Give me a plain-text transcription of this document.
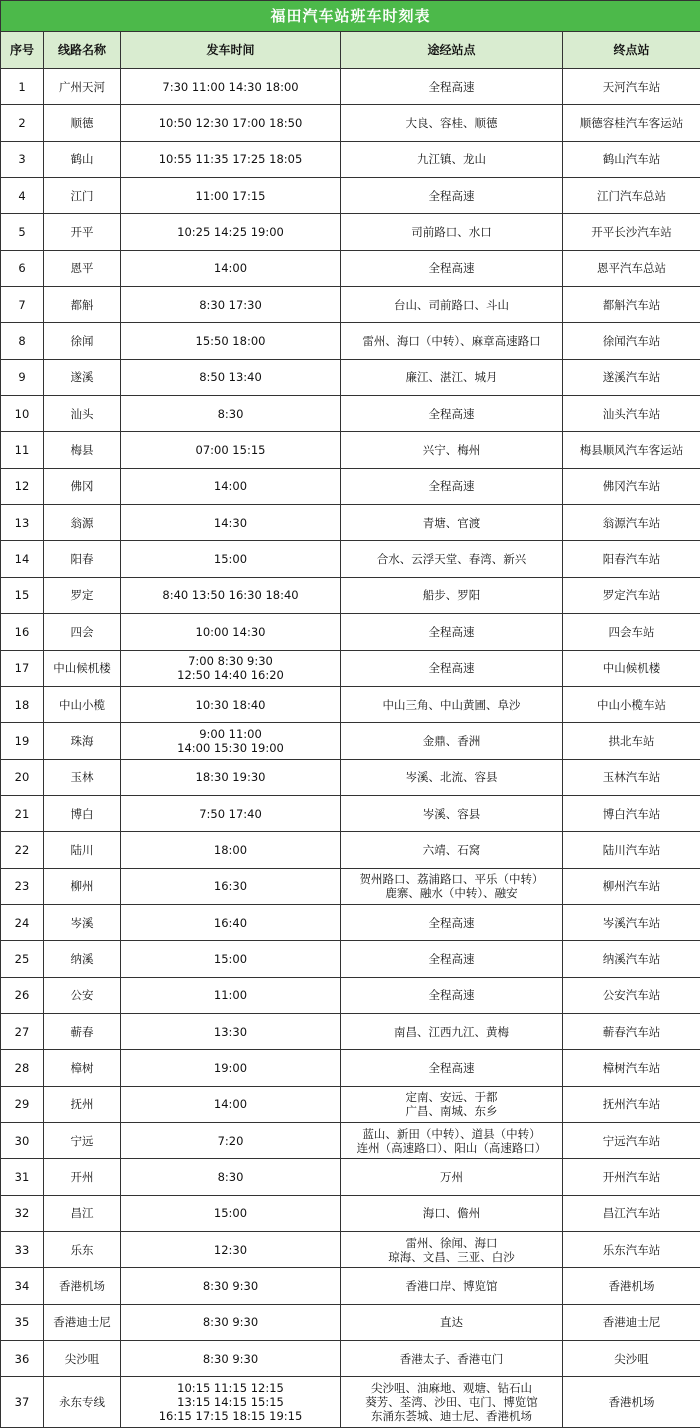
福田汽车站班车时刻表				
序号	线路名称	发车时间	途经站点	终点站
1	广州天河	7:30 11:00 14:30 18:00	全程高速	天河汽车站
2	顺德	10:50 12:30 17:00 18:50	大良、容桂、顺德	顺德容桂汽车客运站
3	鹤山	10:55 11:35 17:25 18:05	九江镇、龙山	鹤山汽车站
4	江门	11:00 17:15	全程高速	江门汽车总站
5	开平	10:25 14:25 19:00	司前路口、水口	开平长沙汽车站
6	恩平	14:00	全程高速	恩平汽车总站
7	都斛	8:30 17:30	台山、司前路口、斗山	都斛汽车站
8	徐闻	15:50 18:00	雷州、海口（中转）、麻章高速路口	徐闻汽车站
9	遂溪	8:50 13:40	廉江、湛江、城月	遂溪汽车站
10	汕头	8:30	全程高速	汕头汽车站
11	梅县	07:00 15:15	兴宁、梅州	梅县顺风汽车客运站
12	佛冈	14:00	全程高速	佛冈汽车站
13	翁源	14:30	青塘、官渡	翁源汽车站
14	阳春	15:00	合水、云浮天堂、春湾、新兴	阳春汽车站
15	罗定	8:40 13:50 16:30 18:40	船步、罗阳	罗定汽车站
16	四会	10:00 14:30	全程高速	四会车站
17	中山候机楼	7:00 8:30 9:30
12:50 14:40 16:20	全程高速	中山候机楼
18	中山小榄	10:30 18:40	中山三角、中山黄圃、阜沙	中山小榄车站
19	珠海	9:00 11:00
14:00 15:30 19:00	金鼎、香洲	拱北车站
20	玉林	18:30 19:30	岑溪、北流、容县	玉林汽车站
21	博白	7:50 17:40	岑溪、容县	博白汽车站
22	陆川	18:00	六靖、石窝	陆川汽车站
23	柳州	16:30	贺州路口、荔浦路口、平乐（中转）
鹿寨、融水（中转）、融安	柳州汽车站
24	岑溪	16:40	全程高速	岑溪汽车站
25	纳溪	15:00	全程高速	纳溪汽车站
26	公安	11:00	全程高速	公安汽车站
27	蕲春	13:30	南昌、江西九江、黄梅	蕲春汽车站
28	樟树	19:00	全程高速	樟树汽车站
29	抚州	14:00	定南、安远、于都
广昌、南城、东乡	抚州汽车站
30	宁远	7:20	蓝山、新田（中转）、道县（中转）
连州（高速路口）、阳山（高速路口）	宁远汽车站
31	开州	8:30	万州	开州汽车站
32	昌江	15:00	海口、儋州	昌江汽车站
33	乐东	12:30	雷州、徐闻、海口
琼海、文昌、三亚、白沙	乐东汽车站
34	香港机场	8:30 9:30	香港口岸、博览馆	香港机场
35	香港迪士尼	8:30 9:30	直达	香港迪士尼
36	尖沙咀	8:30 9:30	香港太子、香港屯门	尖沙咀
37	永东专线	10:15 11:15 12:15
13:15 14:15 15:15
16:15 17:15 18:15 19:15	尖沙咀、油麻地、观塘、钻石山
葵芳、荃湾、沙田、屯门、博览馆
东涌东荟城、迪士尼、香港机场	香港机场
